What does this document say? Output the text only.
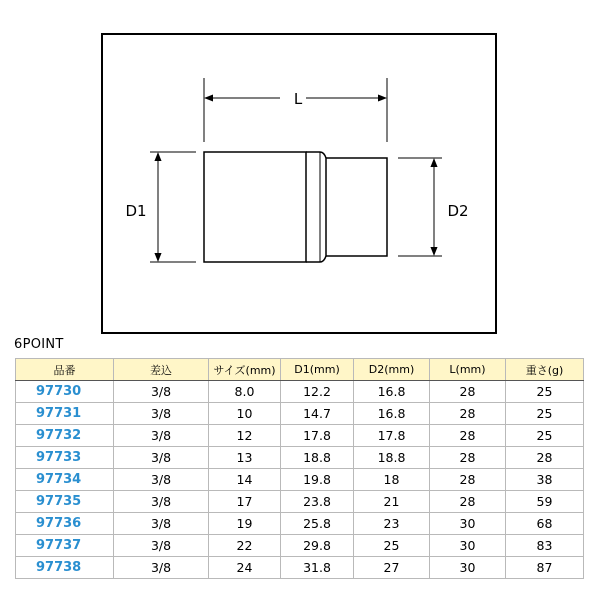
L
D1	D2
6POINT
品番	差込	サイズ(mm)	D1(mm)	D2(mm)	L(mm)	重さ(g)
97730	3/8	8.0	12.2	16.8	28	25
97731	3/8	10	14.7	16.8	28	25
97732	3/8	12	17.8	17.8	28	25
97733	3/8	13	18.8	18.8	28	28
97734	3/8	14	19.8	18	28	38
97735	3/8	17	23.8	21	28	59
97736	3/8	19	25.8	23	30	68
97737	3/8	22	29.8	25	30	83
97738	3/8	24	31.8	27	30	87
